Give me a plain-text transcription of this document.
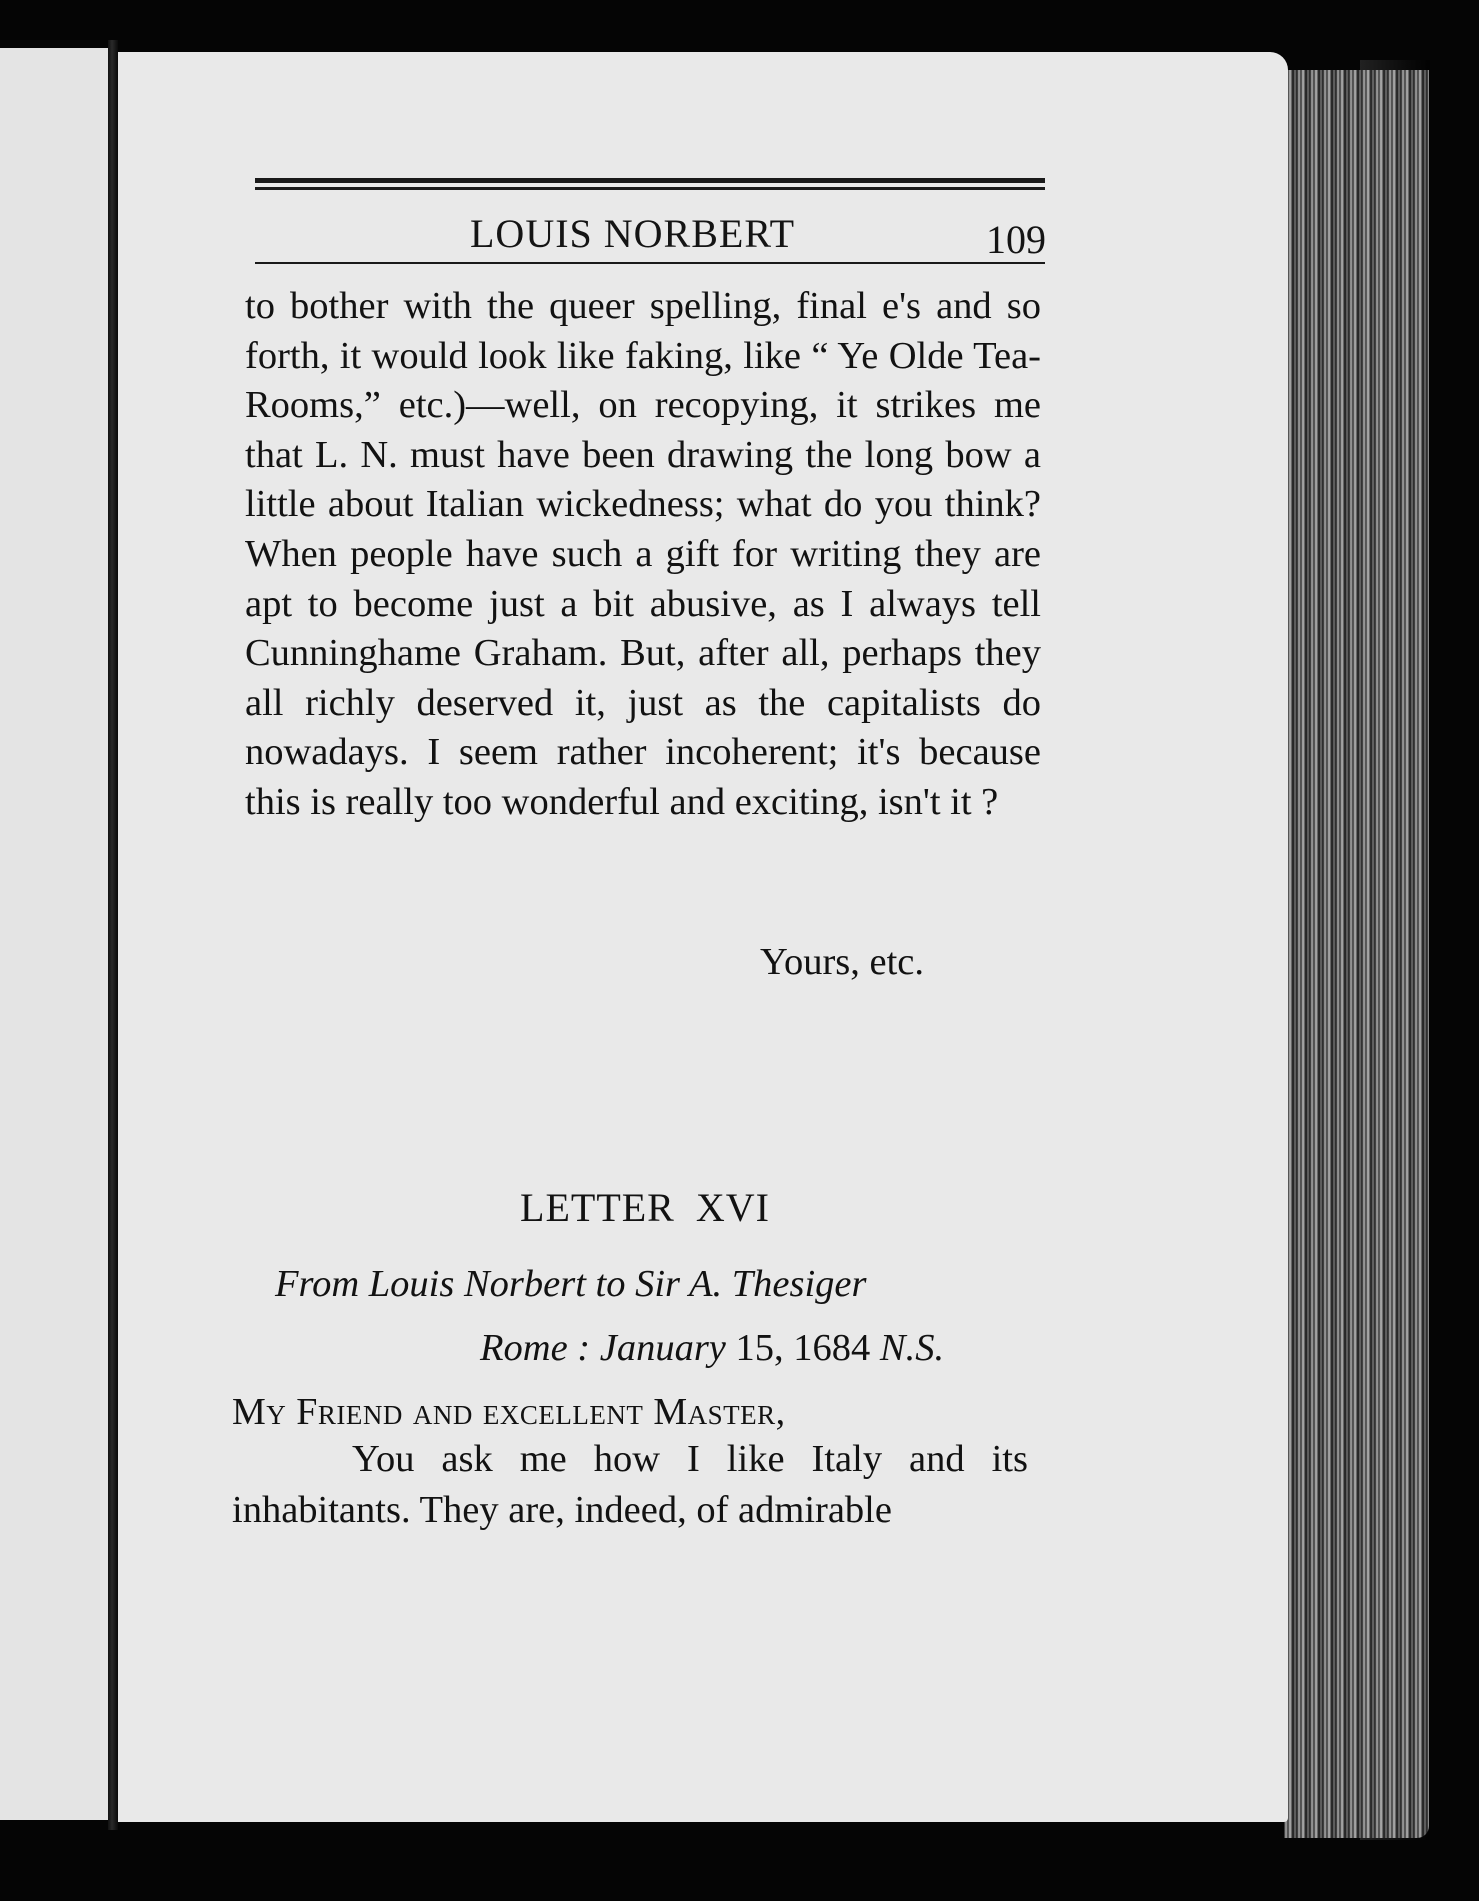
LOUIS NORBERT	109

to bother with the queer spelling, final e's and so forth, it would look like faking, like “ Ye Olde Tea-Rooms,” etc.)—well, on recopying, it strikes me that L. N. must have been drawing the long bow a little about Italian wickedness; what do you think? When people have such a gift for writing they are apt to become just a bit abusive, as I always tell Cunninghame Graham. But, after all, perhaps they all richly deserved it, just as the capitalists do nowadays. I seem rather incoherent; it's because this is really too wonderful and exciting, isn't it ?

Yours, etc.
LETTER XVI
From Louis Norbert to Sir A. Thesiger
Rome : January 15, 1684 N.S.
My Friend and excellent Master,

You ask me how I like Italy and its inhabitants. They are, indeed, of admirable
